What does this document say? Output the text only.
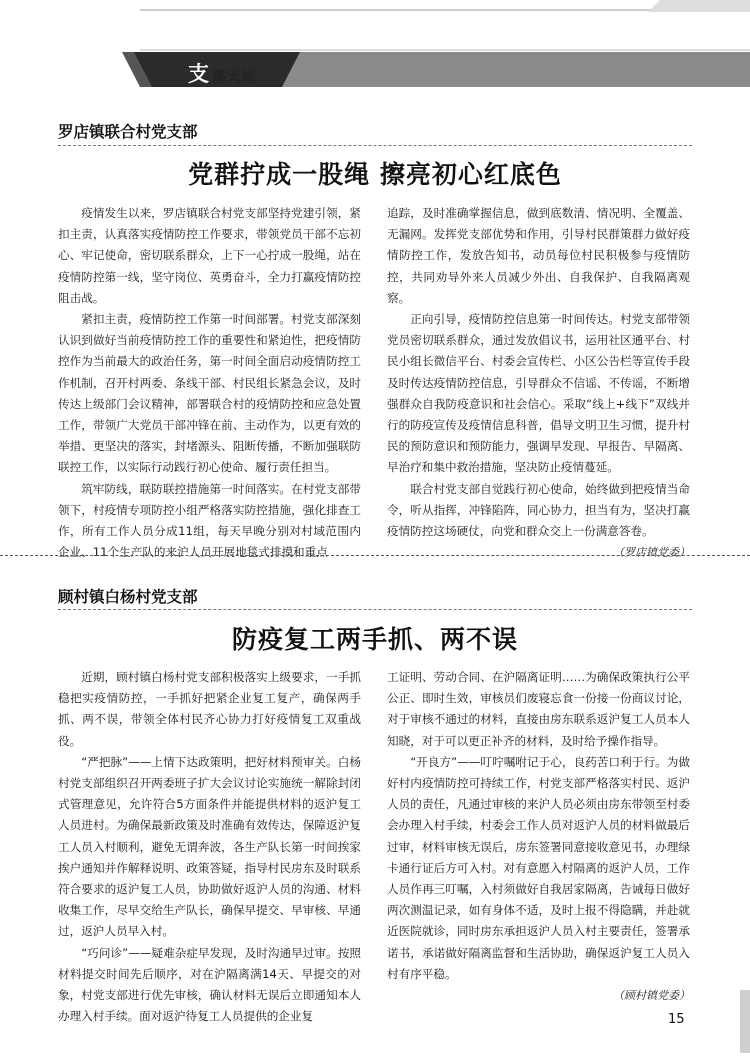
支部天地
罗店镇联合村党支部
党群拧成一股绳 擦亮初心红底色

疫情发生以来，罗店镇联合村党支部坚持党建引领，紧扣主责，认真落实疫情防控工作要求，带领党员干部不忘初心、牢记使命，密切联系群众，上下一心拧成一股绳，站在疫情防控第一线，坚守岗位、英勇奋斗，全力打赢疫情防控阻击战。

紧扣主责，疫情防控工作第一时间部署。村党支部深刻认识到做好当前疫情防控工作的重要性和紧迫性，把疫情防控作为当前最大的政治任务，第一时间全面启动疫情防控工作机制，召开村两委、条线干部、村民组长紧急会议，及时传达上级部门会议精神，部署联合村的疫情防控和应急处置工作，带领广大党员干部冲锋在前、主动作为，以更有效的举措、更坚决的落实，封堵源头、阻断传播，不断加强联防联控工作，以实际行动践行初心使命、履行责任担当。

筑牢防线，联防联控措施第一时间落实。在村党支部带领下，村疫情专项防控小组严格落实防控措施，强化排查工作，所有工作人员分成11组，每天早晚分别对村域范围内企业、11个生产队的来沪人员开展地毯式排摸和重点

追踪，及时准确掌握信息，做到底数清、情况明、全覆盖、无漏网。发挥党支部优势和作用，引导村民群策群力做好疫情防控工作，发放告知书，动员每位村民积极参与疫情防控，共同劝导外来人员减少外出、自我保护、自我隔离观察。

正向引导，疫情防控信息第一时间传达。村党支部带领党员密切联系群众，通过发放倡议书，运用社区通平台、村民小组长微信平台、村委会宣传栏、小区公告栏等宣传手段及时传达疫情防控信息，引导群众不信谣、不传谣，不断增强群众自我防疫意识和社会信心。采取“线上+线下”双线并行的防疫宣传及疫情信息科普，倡导文明卫生习惯，提升村民的预防意识和预防能力，强调早发现、早报告、早隔离、早治疗和集中救治措施，坚决防止疫情蔓延。

联合村党支部自觉践行初心使命，始终做到把疫情当命令，听从指挥，冲锋陷阵，同心协力，担当有为，坚决打赢疫情防控这场硬仗，向党和群众交上一份满意答卷。

（罗店镇党委）
顾村镇白杨村党支部
防疫复工两手抓、两不误

近期，顾村镇白杨村党支部积极落实上级要求，一手抓稳把实疫情防控，一手抓好把紧企业复工复产，确保两手抓、两不误，带领全体村民齐心协力打好疫情复工双重战役。

“严把脉”——上情下达政策明，把好材料预审关。白杨村党支部组织召开两委班子扩大会议讨论实施统一解除封闭式管理意见，允许符合5方面条件并能提供材料的返沪复工人员进村。为确保最新政策及时准确有效传达，保障返沪复工人员入村顺利，避免无谓奔波，各生产队长第一时间挨家挨户通知并作解释说明、政策答疑，指导村民房东及时联系符合要求的返沪复工人员，协助做好返沪人员的沟通、材料收集工作，尽早交给生产队长，确保早提交、早审核、早通过，返沪人员早入村。

“巧问诊”——疑难杂症早发现，及时沟通早过审。按照材料提交时间先后顺序，对在沪隔离满14天、早提交的对象，村党支部进行优先审核，确认材料无误后立即通知本人办理入村手续。面对返沪待复工人员提供的企业复

工证明、劳动合同、在沪隔离证明……为确保政策执行公平公正、即时生效，审核员们废寝忘食一份接一份商议讨论，对于审核不通过的材料，直接由房东联系返沪复工人员本人知晓，对于可以更正补齐的材料，及时给予操作指导。

“开良方”——叮咛嘱咐记于心，良药苦口利于行。为做好村内疫情防控可持续工作，村党支部严格落实村民、返沪人员的责任，凡通过审核的来沪人员必须由房东带领至村委会办理入村手续，村委会工作人员对返沪人员的材料做最后过审，材料审核无误后，房东签署同意接收意见书，办理绿卡通行证后方可入村。对有意愿入村隔离的返沪人员，工作人员作再三叮嘱，入村须做好自我居家隔离，告诫每日做好两次测温记录，如有身体不适，及时上报不得隐瞒，并赴就近医院就诊，同时房东承担返沪人员入村主要责任，签署承诺书，承诺做好隔离监督和生活协助，确保返沪复工人员入村有序平稳。

（顾村镇党委）
15
